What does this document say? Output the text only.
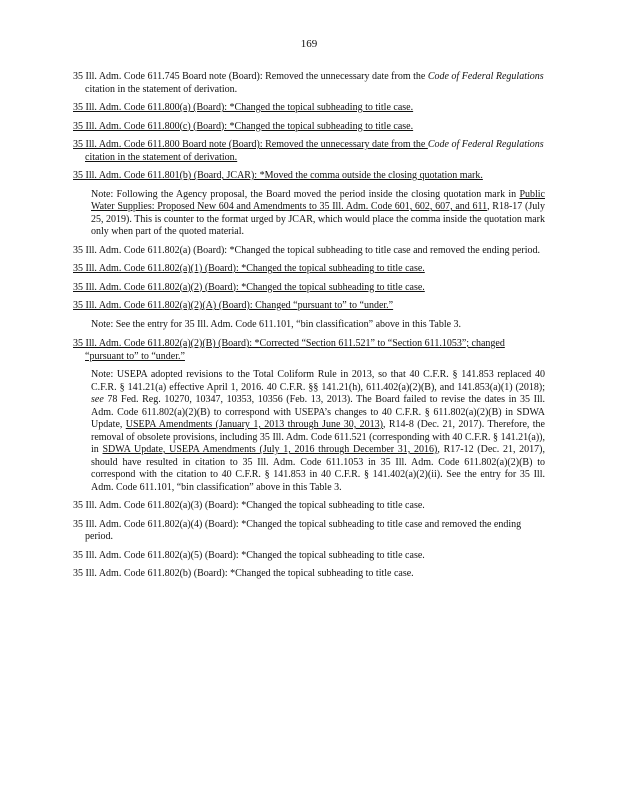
169

35 Ill. Adm. Code 611.745 Board note (Board): Removed the unnecessary date from the Code of Federal Regulations citation in the statement of derivation.

35 Ill. Adm. Code 611.800(a) (Board): *Changed the topical subheading to title case.

35 Ill. Adm. Code 611.800(c) (Board): *Changed the topical subheading to title case.

35 Ill. Adm. Code 611.800 Board note (Board): Removed the unnecessary date from the Code of Federal Regulations citation in the statement of derivation.

35 Ill. Adm. Code 611.801(b) (Board, JCAR): *Moved the comma outside the closing quotation mark.

Note: Following the Agency proposal, the Board moved the period inside the closing quotation mark in Public Water Supplies: Proposed New 604 and Amendments to 35 Ill. Adm. Code 601, 602, 607, and 611, R18-17 (July 25, 2019). This is counter to the format urged by JCAR, which would place the comma inside the quotation mark only when part of the quoted material.

35 Ill. Adm. Code 611.802(a) (Board): *Changed the topical subheading to title case and removed the ending period.

35 Ill. Adm. Code 611.802(a)(1) (Board): *Changed the topical subheading to title case.

35 Ill. Adm. Code 611.802(a)(2) (Board): *Changed the topical subheading to title case.

35 Ill. Adm. Code 611.802(a)(2)(A) (Board): Changed “pursuant to” to “under.”

Note: See the entry for 35 Ill. Adm. Code 611.101, “bin classification” above in this Table 3.

35 Ill. Adm. Code 611.802(a)(2)(B) (Board): *Corrected “Section 611.521” to “Section 611.1053”; changed “pursuant to” to “under.”

Note: USEPA adopted revisions to the Total Coliform Rule in 2013, so that 40 C.F.R. § 141.853 replaced 40 C.F.R. § 141.21(a) effective April 1, 2016. 40 C.F.R. §§ 141.21(h), 611.402(a)(2)(B), and 141.853(a)(1) (2018); see 78 Fed. Reg. 10270, 10347, 10353, 10356 (Feb. 13, 2013). The Board failed to revise the dates in 35 Ill. Adm. Code 611.802(a)(2)(B) to correspond with USEPA’s changes to 40 C.F.R. § 611.802(a)(2)(B) in SDWA Update, USEPA Amendments (January 1, 2013 through June 30, 2013), R14-8 (Dec. 21, 2017). Therefore, the removal of obsolete provisions, including 35 Ill. Adm. Code 611.521 (corresponding with 40 C.F.R. § 141.21(a)), in SDWA Update, USEPA Amendments (July 1, 2016 through December 31, 2016), R17-12 (Dec. 21, 2017), should have resulted in citation to 35 Ill. Adm. Code 611.1053 in 35 Ill. Adm. Code 611.802(a)(2)(B) to correspond with the citation to 40 C.F.R. § 141.853 in 40 C.F.R. § 141.402(a)(2)(ii). See the entry for 35 Ill. Adm. Code 611.101, “bin classification” above in this Table 3.

35 Ill. Adm. Code 611.802(a)(3) (Board): *Changed the topical subheading to title case.

35 Ill. Adm. Code 611.802(a)(4) (Board): *Changed the topical subheading to title case and removed the ending period.

35 Ill. Adm. Code 611.802(a)(5) (Board): *Changed the topical subheading to title case.

35 Ill. Adm. Code 611.802(b) (Board): *Changed the topical subheading to title case.
